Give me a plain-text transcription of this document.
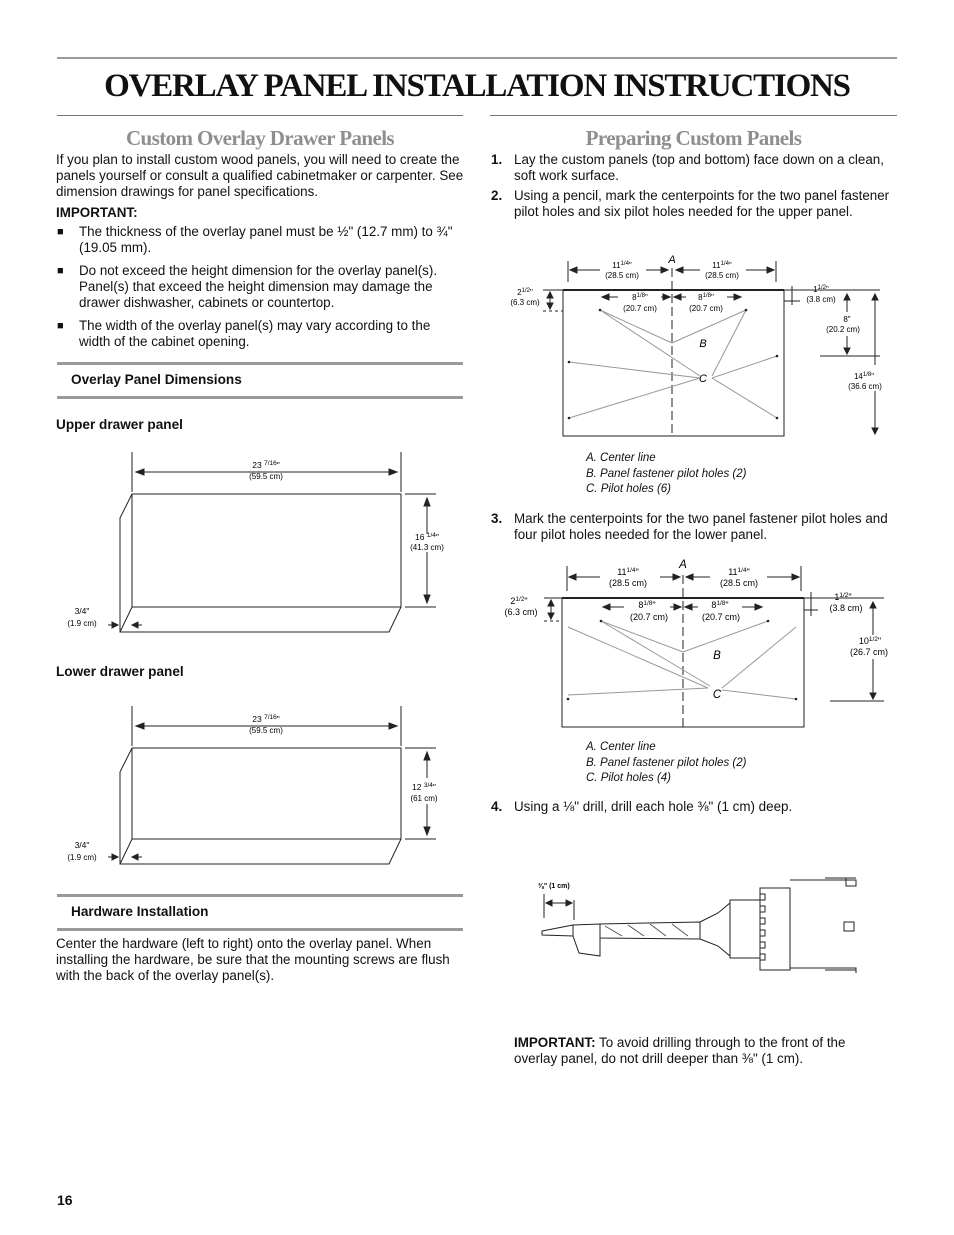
OVERLAY PANEL INSTALLATION INSTRUCTIONS
Custom Overlay Drawer Panels
If you plan to install custom wood panels, you will need to create the panels yourself or consult a qualified cabinetmaker or carpenter. See dimension drawings for panel specifications.
IMPORTANT:
■ The thickness of the overlay panel must be ½" (12.7 mm) to ¾" (19.05 mm).
■ Do not exceed the height dimension for the overlay panel(s). Panel(s) that exceed the height dimension may damage the drawer dishwasher, cabinets or countertop.
■ The width of the overlay panel(s) may vary according to the width of the cabinet opening.
Overlay Panel Dimensions
Upper drawer panel
23 $^{7/16}$"
(59.5 cm)
16 $^{1/4}$"
(41.3 cm)
3/4"
(1.9 cm)
Lower drawer panel
23 $^{7/16}$"
(59.5 cm)
12 $^{3/4}$"
(61 cm)
3/4"
(1.9 cm)
Hardware Installation
Center the hardware (left to right) onto the overlay panel. When installing the hardware, be sure that the mounting screws are flush with the back of the overlay panel(s).
Preparing Custom Panels
1. Lay the custom panels (top and bottom) face down on a clean, soft work surface.
2. Using a pencil, mark the centerpoints for the two panel fastener pilot holes and six pilot holes needed for the upper panel.
A
B
C
$11^{1/4}$"
(28.5 cm)
$11^{1/4}$"
(28.5 cm)
$8^{1/8}$"
(20.7 cm)
$8^{1/8}$"
(20.7 cm)
$2^{1/2}$"
(6.3 cm)
$1^{1/2}$"
(3.8 cm)
8"
(20.2 cm)
$14^{1/8}$"
(36.6 cm)
A. Center line
B. Panel fastener pilot holes (2)
C. Pilot holes (6)
3. Mark the centerpoints for the two panel fastener pilot holes and four pilot holes needed for the lower panel.
A
B
C
$11^{1/4}$"
(28.5 cm)
$11^{1/4}$"
(28.5 cm)
$8^{1/8}$"
(20.7 cm)
$8^{1/8}$"
(20.7 cm)
$2^{1/2}$"
(6.3 cm)
$1^{1/2}$"
(3.8 cm)
$10^{1/2}$"
(26.7 cm)
A. Center line
B. Panel fastener pilot holes (2)
C. Pilot holes (4)
4. Using a ⅛" drill, drill each hole ⅜" (1 cm) deep.
⅜" (1 cm)
IMPORTANT: To avoid drilling through to the front of the overlay panel, do not drill deeper than ⅜" (1 cm).
16
